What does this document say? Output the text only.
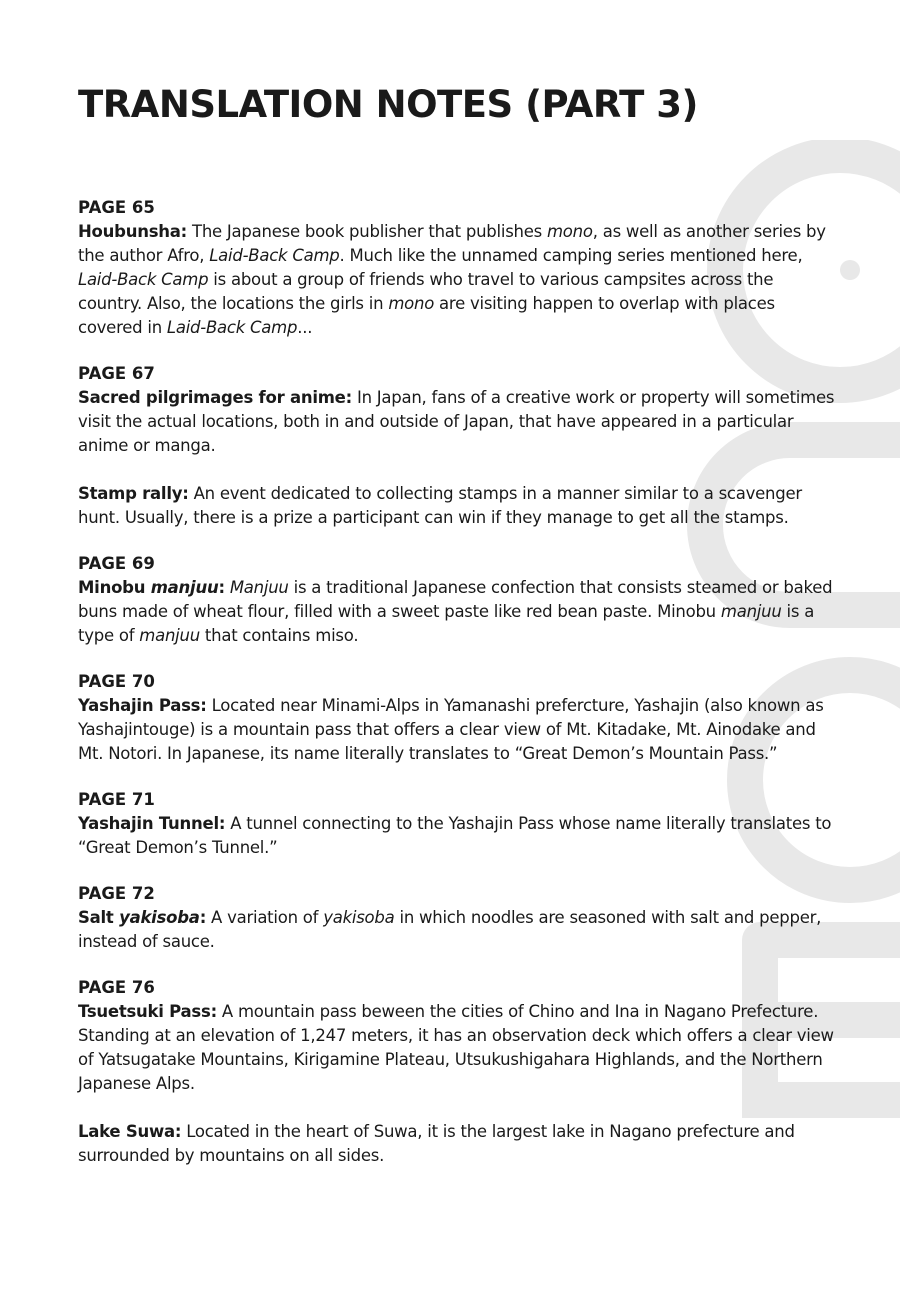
TRANSLATION NOTES (PART 3)

PAGE 65

Houbunsha: The Japanese book publisher that publishes mono, as well as another series by the author Afro, Laid-Back Camp. Much like the unnamed camping series mentioned here, Laid-Back Camp is about a group of friends who travel to various campsites across the country. Also, the locations the girls in mono are visiting happen to overlap with places covered in Laid-Back Camp...

PAGE 67

Sacred pilgrimages for anime: In Japan, fans of a creative work or property will sometimes visit the actual locations, both in and outside of Japan, that have appeared in a particular anime or manga.

Stamp rally: An event dedicated to collecting stamps in a manner similar to a scavenger hunt. Usually, there is a prize a participant can win if they manage to get all the stamps.

PAGE 69

Minobu manjuu: Manjuu is a traditional Japanese confection that consists steamed or baked buns made of wheat flour, filled with a sweet paste like red bean paste. Minobu manjuu is a type of manjuu that contains miso.

PAGE 70

Yashajin Pass: Located near Minami-Alps in Yamanashi prefercture, Yashajin (also known as Yashajintouge) is a mountain pass that offers a clear view of Mt. Kitadake, Mt. Ainodake and Mt. Notori. In Japanese, its name literally translates to “Great Demon’s Mountain Pass.”

PAGE 71

Yashajin Tunnel: A tunnel connecting to the Yashajin Pass whose name literally translates to “Great Demon’s Tunnel.”

PAGE 72

Salt yakisoba: A variation of yakisoba in which noodles are seasoned with salt and pepper, instead of sauce.

PAGE 76

Tsuetsuki Pass: A mountain pass beween the cities of Chino and Ina in Nagano Prefecture. Standing at an elevation of 1,247 meters, it has an observation deck which offers a clear view of Yatsugatake Mountains, Kirigamine Plateau, Utsukushigahara Highlands, and the Northern Japanese Alps.

Lake Suwa: Located in the heart of Suwa, it is the largest lake in Nagano prefecture and surrounded by mountains on all sides.
